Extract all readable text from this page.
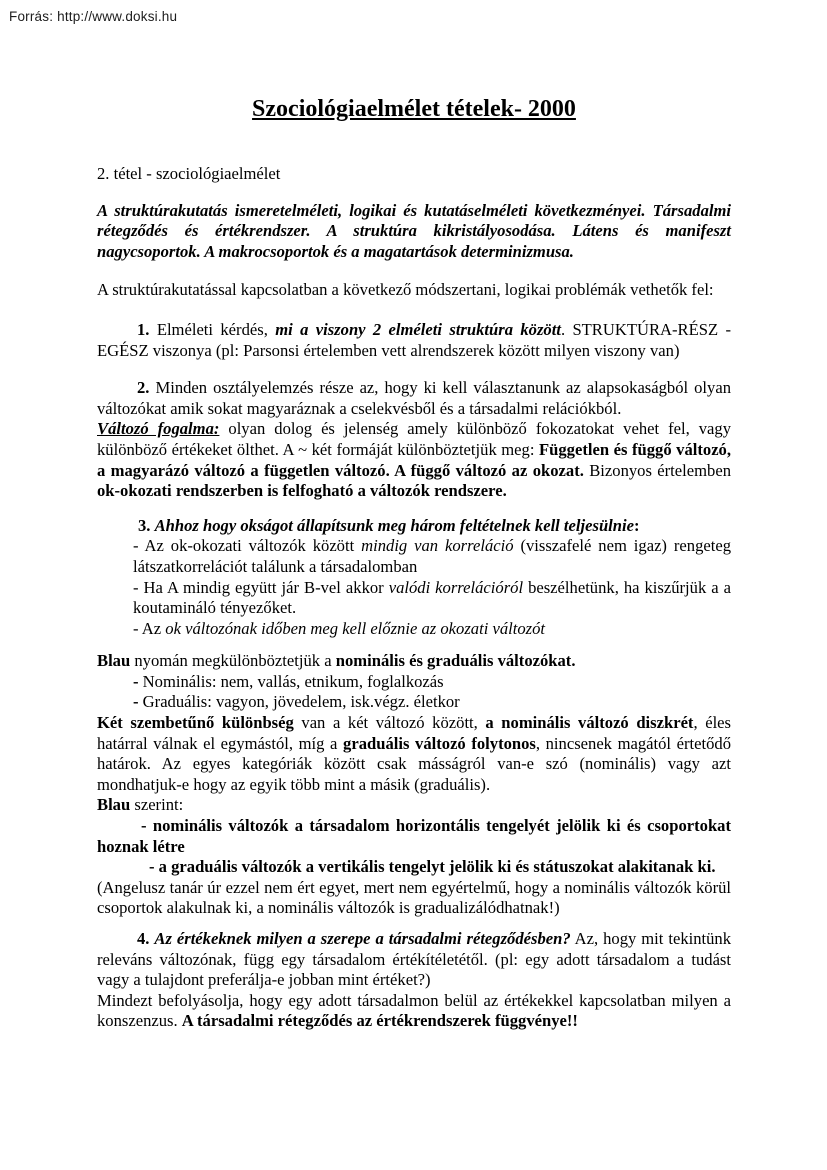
Forrás: http://www.doksi.hu
Szociológiaelmélet tételek- 2000

2. tétel - szociológiaelmélet

A struktúrakutatás ismeretelméleti, logikai és kutatáselméleti következményei. Társadalmi rétegződés és értékrendszer. A struktúra kikristályosodása. Látens és manifeszt nagycsoportok. A makrocsoportok és a magatartások determinizmusa.

A struktúrakutatással kapcsolatban a következő módszertani, logikai problémák vethetők fel:

1. Elméleti kérdés, mi a viszony 2 elméleti struktúra között. STRUKTÚRA-RÉSZ - EGÉSZ viszonya (pl: Parsonsi értelemben vett alrendszerek között milyen viszony van)

2. Minden osztályelemzés része az, hogy ki kell választanunk az alapsokaságból olyan változókat amik sokat magyaráznak a cselekvésből és a társadalmi relációkból.

Változó fogalma: olyan dolog és jelenség amely különböző fokozatokat vehet fel, vagy különböző értékeket ölthet. A ~ két formáját különböztetjük meg: Független és függő változó, a magyarázó változó a független változó. A függő változó az okozat. Bizonyos értelemben ok-okozati rendszerben is felfogható a változók rendszere.

3. Ahhoz hogy okságot állapítsunk meg három feltételnek kell teljesülnie:

- Az ok-okozati változók között mindig van korreláció (visszafelé nem igaz) rengeteg látszatkorrelációt találunk a társadalomban

- Ha A mindig együtt jár B-vel akkor valódi korrelációról beszélhetünk, ha kiszűrjük a a koutamináló tényezőket.

- Az ok változónak időben meg kell előznie az okozati változót

Blau nyomán megkülönböztetjük a nominális és graduális változókat.

- Nominális: nem, vallás, etnikum, foglalkozás

- Graduális: vagyon, jövedelem, isk.végz. életkor

Két szembetűnő különbség van a két változó között, a nominális változó diszkrét, éles határral válnak el egymástól, míg a graduális változó folytonos, nincsenek magától értetődő határok. Az egyes kategóriák között csak másságról van-e szó (nominális) vagy azt mondhatjuk-e hogy az egyik több mint a másik (graduális).

Blau szerint:

- nominális változók a társadalom horizontális tengelyét jelölik ki és csoportokat hoznak létre

- a graduális változók a vertikális tengelyt jelölik ki és státuszokat alakitanak ki.

(Angelusz tanár úr ezzel nem ért egyet, mert nem egyértelmű, hogy a nominális változók körül csoportok alakulnak ki, a nominális változók is gradualizálódhatnak!)

4. Az értékeknek milyen a szerepe a társadalmi rétegződésben? Az, hogy mit tekintünk releváns változónak, függ egy társadalom értékítéletétől. (pl: egy adott társadalom a tudást vagy a tulajdont preferálja-e jobban mint értéket?)

Mindezt befolyásolja, hogy egy adott társadalmon belül az értékekkel kapcsolatban milyen a konszenzus. A társadalmi rétegződés az értékrendszerek függvénye!!
